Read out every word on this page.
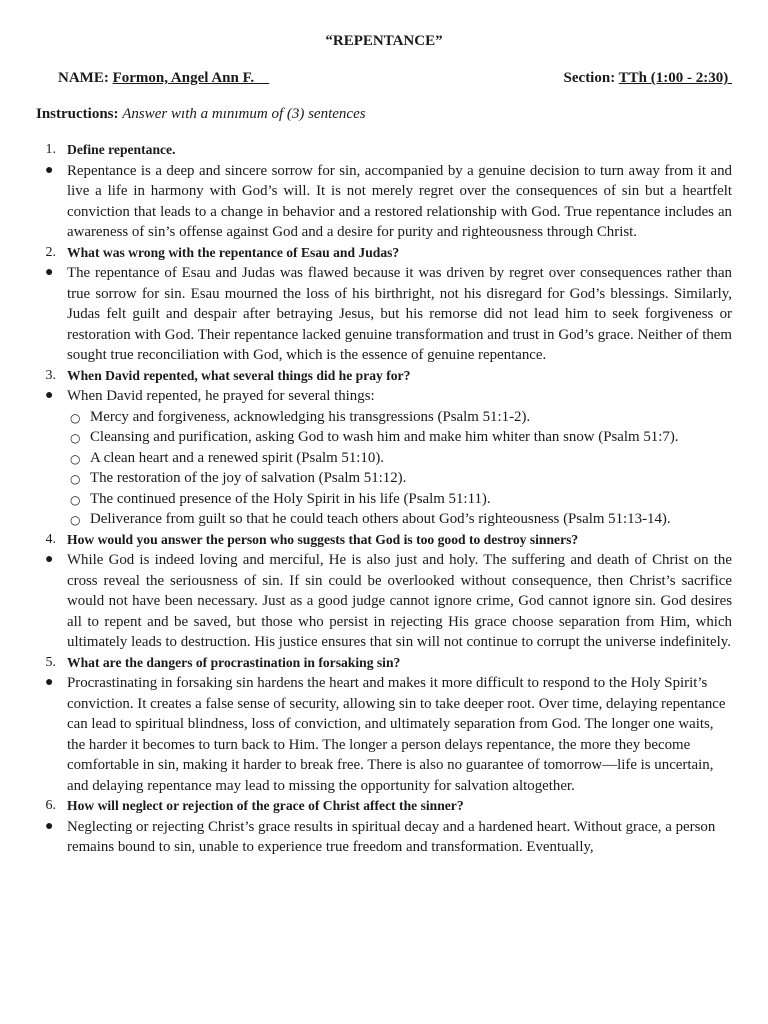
“REPENTANCE”
NAME: Formon, Angel Ann F.	Section: TTh (1:00 - 2:30)
Instructions: Answer wıth a mınımum of (3) sentences
1. Define repentance.
● Repentance is a deep and sincere sorrow for sin, accompanied by a genuine decision to turn away from it and live a life in harmony with God’s will. It is not merely regret over the consequences of sin but a heartfelt conviction that leads to a change in behavior and a restored relationship with God. True repentance includes an awareness of sin’s offense against God and a desire for purity and righteousness through Christ.
2. What was wrong with the repentance of Esau and Judas?
● The repentance of Esau and Judas was flawed because it was driven by regret over consequences rather than true sorrow for sin. Esau mourned the loss of his birthright, not his disregard for God’s blessings. Similarly, Judas felt guilt and despair after betraying Jesus, but his remorse did not lead him to seek forgiveness or restoration with God. Their repentance lacked genuine transformation and trust in God’s grace. Neither of them sought true reconciliation with God, which is the essence of genuine repentance.
3. When David repented, what several things did he pray for?
● When David repented, he prayed for several things:
○ Mercy and forgiveness, acknowledging his transgressions (Psalm 51:1-2).
○ Cleansing and purification, asking God to wash him and make him whiter than snow (Psalm 51:7).
○ A clean heart and a renewed spirit (Psalm 51:10).
○ The restoration of the joy of salvation (Psalm 51:12).
○ The continued presence of the Holy Spirit in his life (Psalm 51:11).
○ Deliverance from guilt so that he could teach others about God’s righteousness (Psalm 51:13-14).
4. How would you answer the person who suggests that God is too good to destroy sinners?
● While God is indeed loving and merciful, He is also just and holy. The suffering and death of Christ on the cross reveal the seriousness of sin. If sin could be overlooked without consequence, then Christ’s sacrifice would not have been necessary. Just as a good judge cannot ignore crime, God cannot ignore sin. God desires all to repent and be saved, but those who persist in rejecting His grace choose separation from Him, which ultimately leads to destruction. His justice ensures that sin will not continue to corrupt the universe indefinitely.
5. What are the dangers of procrastination in forsaking sin?
● Procrastinating in forsaking sin hardens the heart and makes it more difficult to respond to the Holy Spirit’s conviction. It creates a false sense of security, allowing sin to take deeper root. Over time, delaying repentance can lead to spiritual blindness, loss of conviction, and ultimately separation from God. The longer one waits, the harder it becomes to turn back to Him. The longer a person delays repentance, the more they become comfortable in sin, making it harder to break free. There is also no guarantee of tomorrow—life is uncertain, and delaying repentance may lead to missing the opportunity for salvation altogether.
6. How will neglect or rejection of the grace of Christ affect the sinner?
● Neglecting or rejecting Christ’s grace results in spiritual decay and a hardened heart. Without grace, a person remains bound to sin, unable to experience true freedom and transformation. Eventually,
